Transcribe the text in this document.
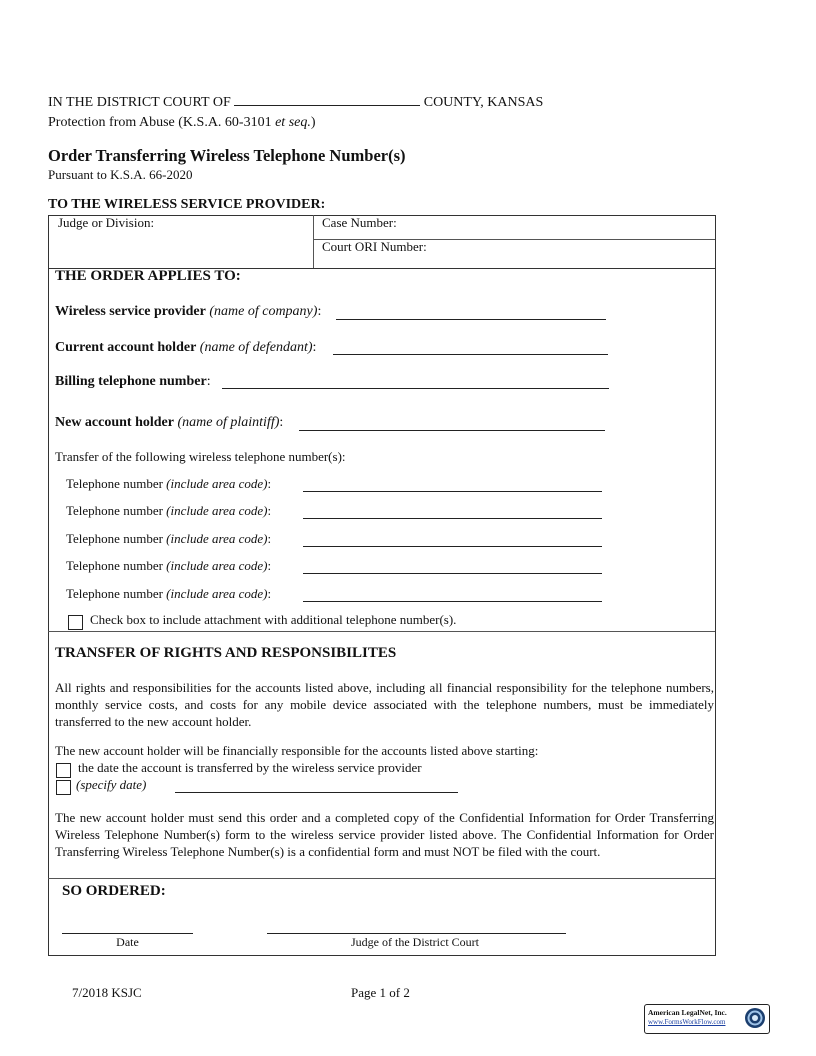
IN THE DISTRICT COURT OF	COUNTY, KANSAS
Protection from Abuse (K.S.A. 60-3101 et seq.)
Order Transferring Wireless Telephone Number(s)
Pursuant to K.S.A. 66-2020
TO THE WIRELESS SERVICE PROVIDER:
Judge or Division:	Case Number:
Court ORI Number:
THE ORDER APPLIES TO:
Wireless service provider (name of company):
Current account holder (name of defendant):
Billing telephone number:
New account holder (name of plaintiff):
Transfer of the following wireless telephone number(s):
Telephone number (include area code):
Telephone number (include area code):
Telephone number (include area code):
Telephone number (include area code):
Telephone number (include area code):
Check box to include attachment with additional telephone number(s).
TRANSFER OF RIGHTS AND RESPONSIBILITES
All rights and responsibilities for the accounts listed above, including all financial responsibility for the telephone numbers, monthly service costs, and costs for any mobile device associated with the telephone numbers, must be immediately transferred to the new account holder.
The new account holder will be financially responsible for the accounts listed above starting:
the date the account is transferred by the wireless service provider
(specify date)
The new account holder must send this order and a completed copy of the Confidential Information for Order Transferring Wireless Telephone Number(s) form to the wireless service provider listed above. The Confidential Information for Order Transferring Wireless Telephone Number(s) is a confidential form and must NOT be filed with the court.
SO ORDERED:
Date	Judge of the District Court
7/2018 KSJC	Page 1 of 2
American LegalNet, Inc.
www.FormsWorkFlow.com
